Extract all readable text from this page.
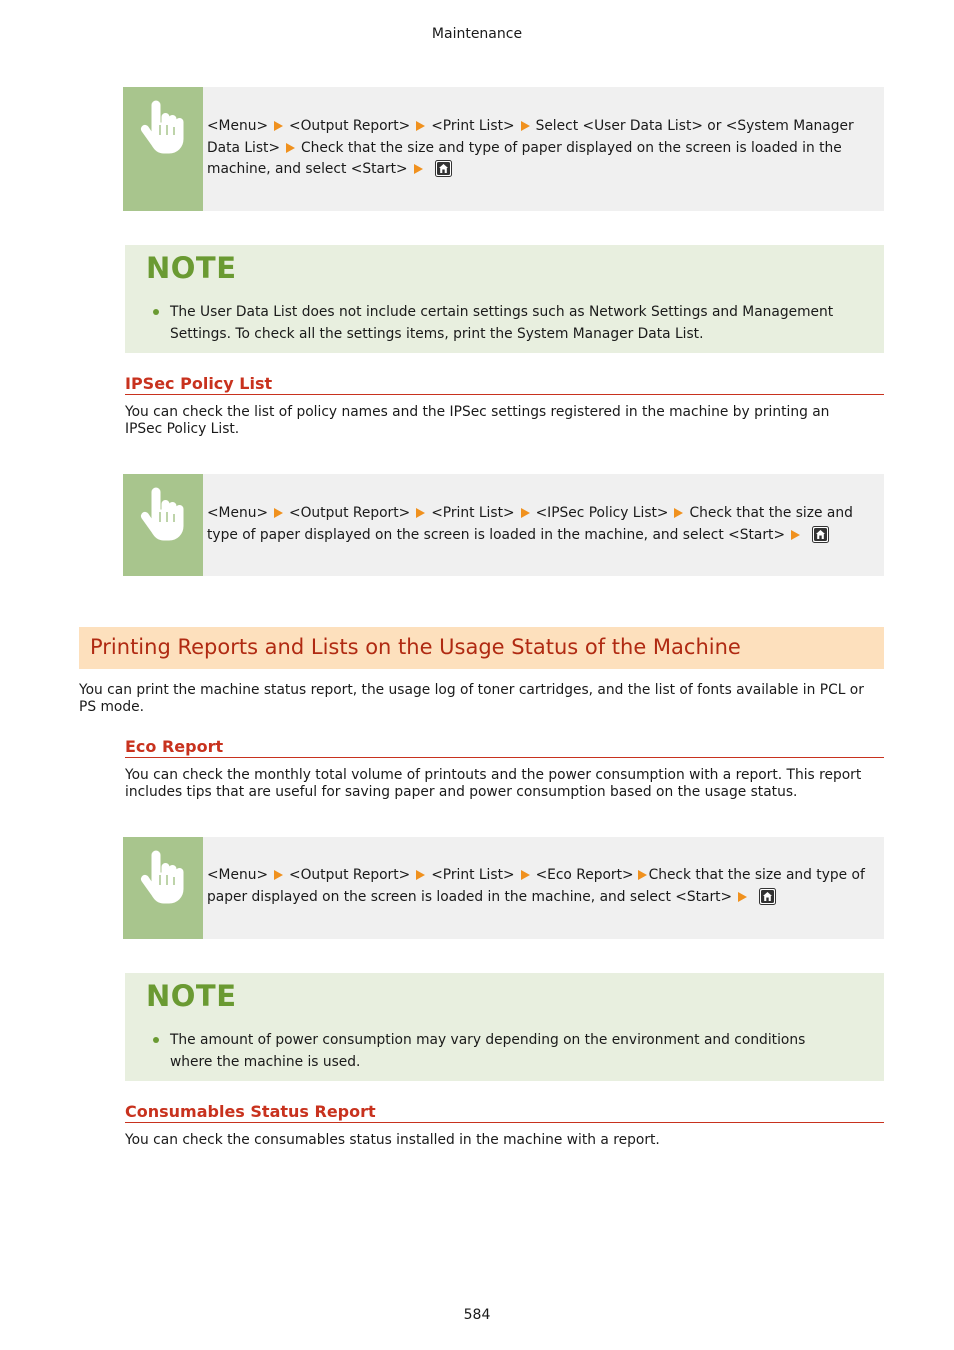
Maintenance
<Menu> <Output Report> <Print List> Select <User Data List> or <System Manager Data List> Check that the size and type of paper displayed on the screen is loaded in the machine, and select <Start>
NOTE
The User Data List does not include certain settings such as Network Settings and Management Settings. To check all the settings items, print the System Manager Data List.
IPSec Policy List
You can check the list of policy names and the IPSec settings registered in the machine by printing an IPSec Policy List.
<Menu> <Output Report> <Print List> <IPSec Policy List> Check that the size and type of paper displayed on the screen is loaded in the machine, and select <Start>
Printing Reports and Lists on the Usage Status of the Machine
You can print the machine status report, the usage log of toner cartridges, and the list of fonts available in PCL or PS mode.
Eco Report
You can check the monthly total volume of printouts and the power consumption with a report. This report includes tips that are useful for saving paper and power consumption based on the usage status.
<Menu> <Output Report> <Print List> <Eco Report> Check that the size and type of paper displayed on the screen is loaded in the machine, and select <Start>
NOTE
The amount of power consumption may vary depending on the environment and conditions where the machine is used.
Consumables Status Report
You can check the consumables status installed in the machine with a report.
584
